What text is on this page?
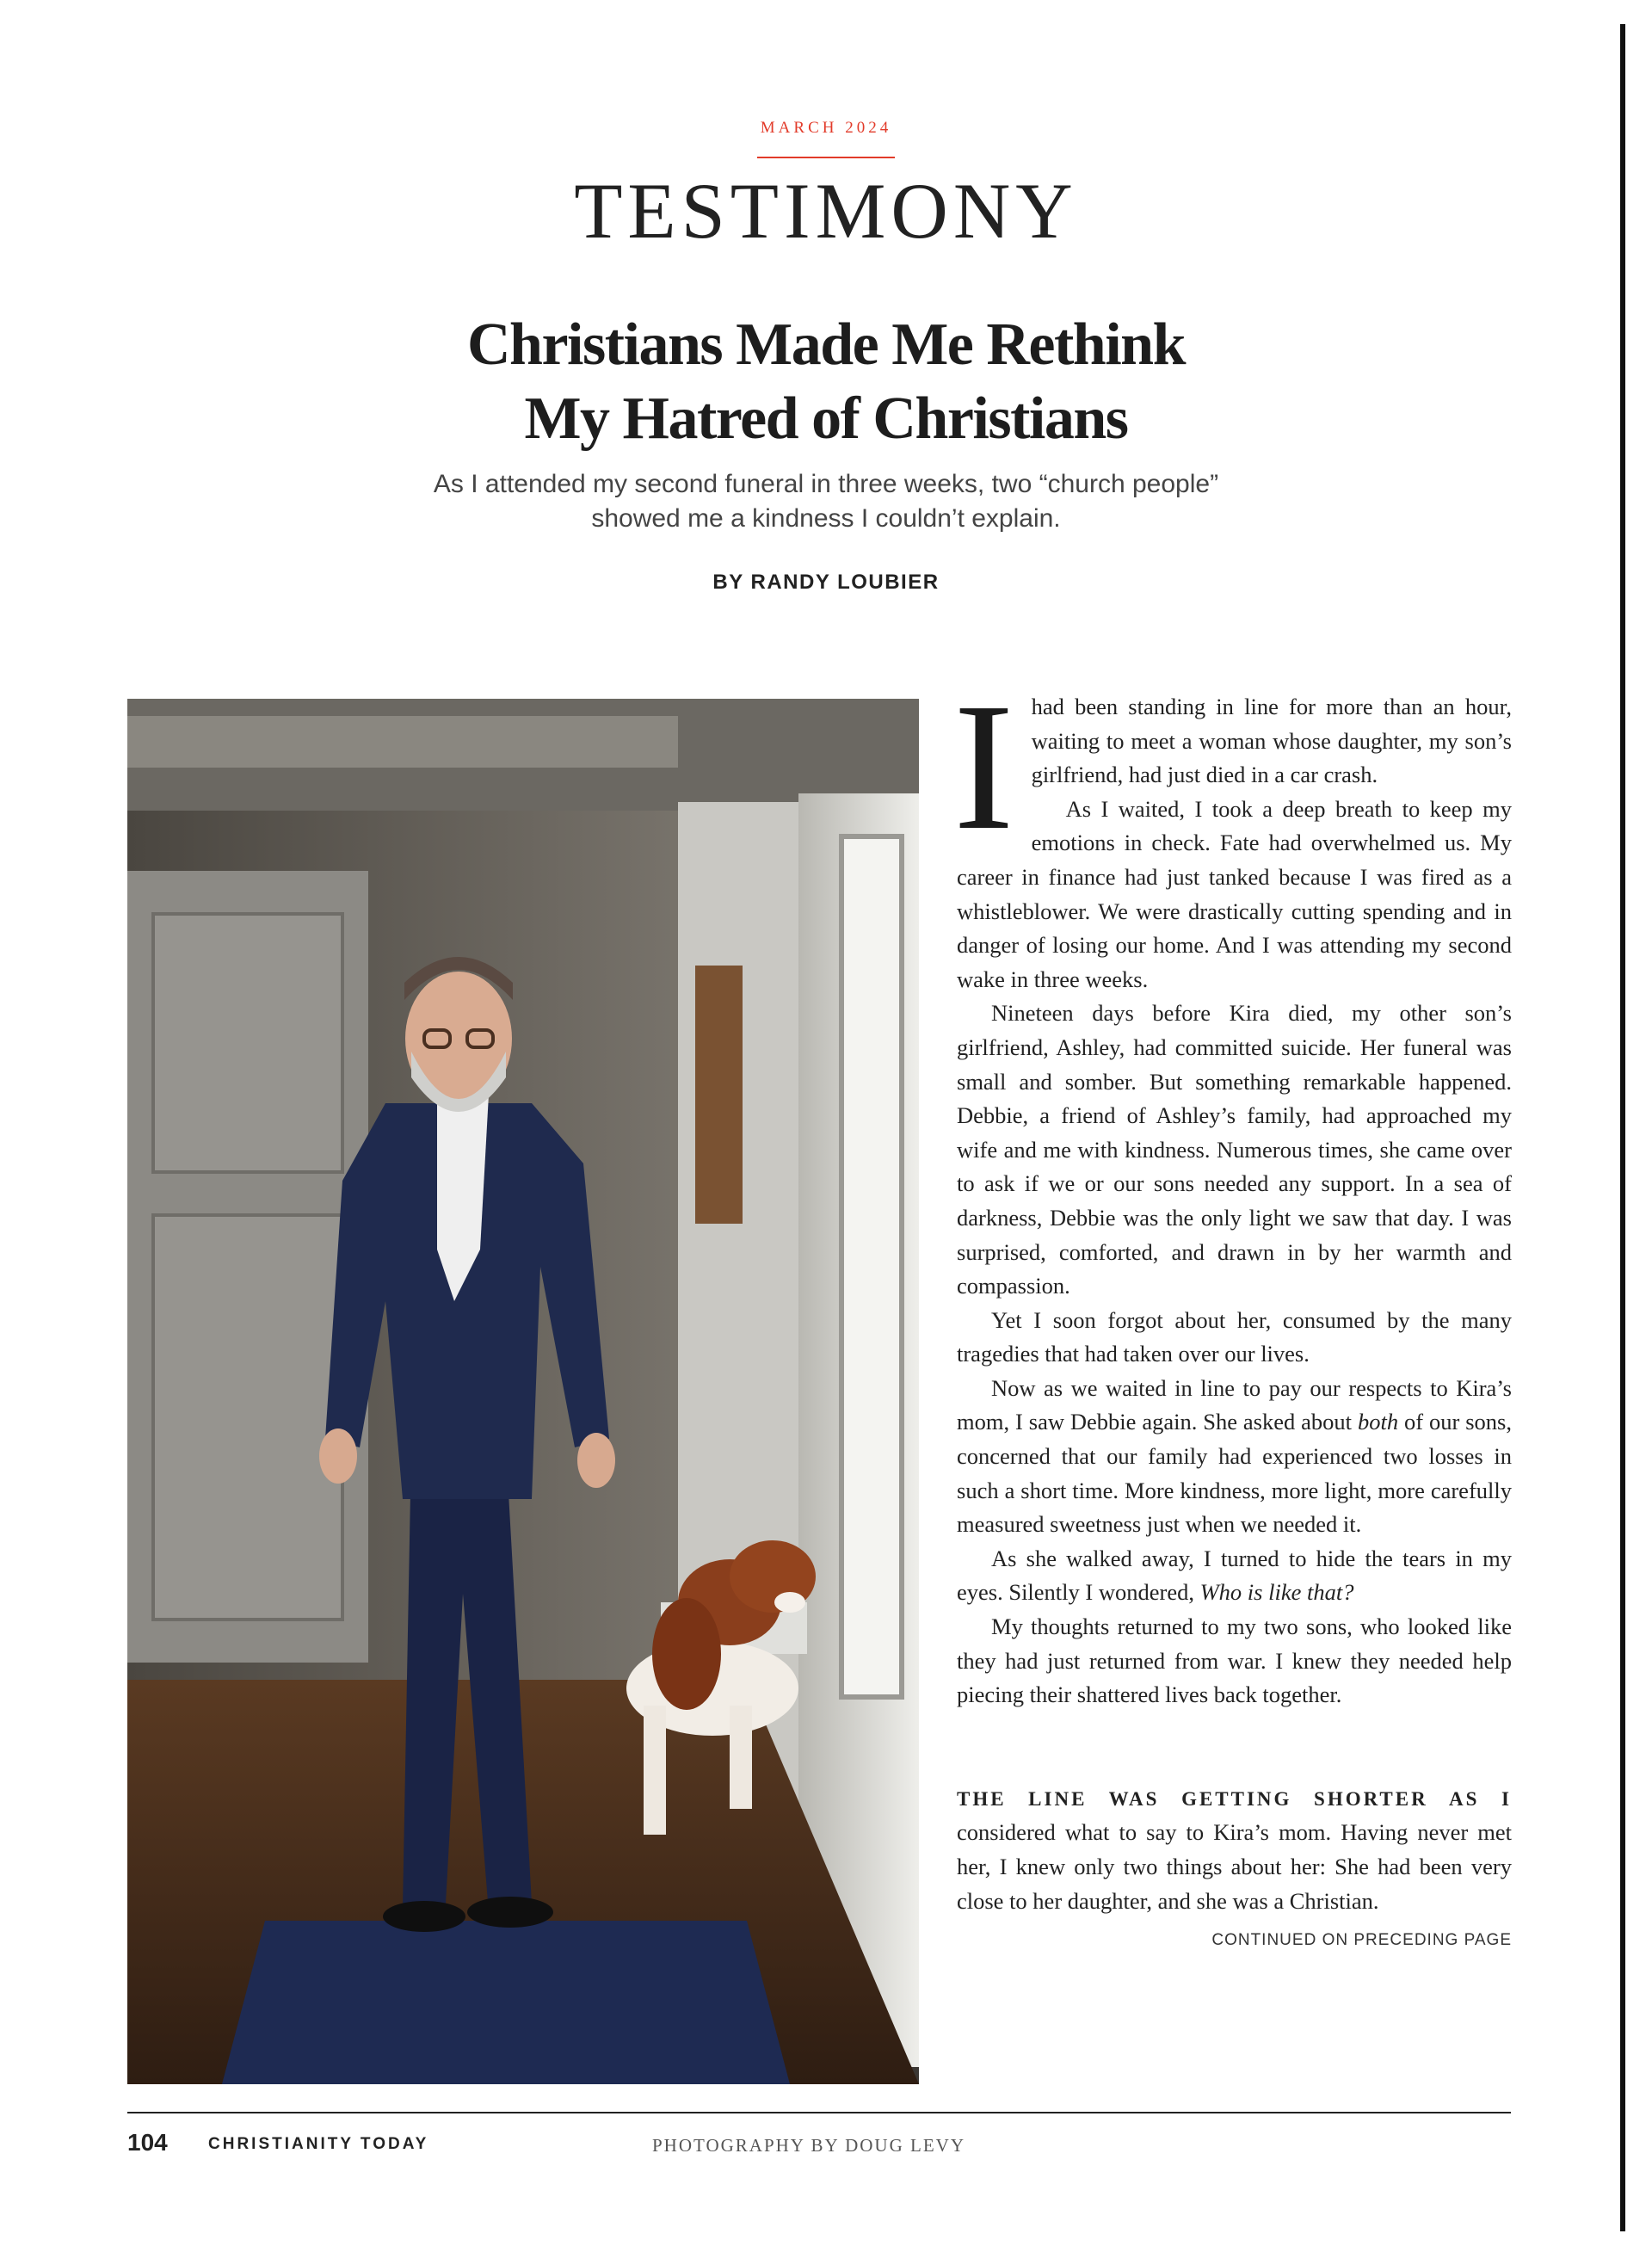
MARCH 2024
TESTIMONY
Christians Made Me Rethink
My Hatred of Christians
As I attended my second funeral in three weeks, two “church people”
showed me a kindness I couldn’t explain.
BY RANDY LOUBIER

Ihad been standing in line for more than an hour, waiting to meet a woman whose daughter, my son’s girlfriend, had just died in a car crash.

As I waited, I took a deep breath to keep my emotions in check. Fate had overwhelmed us. My career in finance had just tanked because I was fired as a whistleblower. We were drastically cutting spending and in danger of losing our home. And I was attending my second wake in three weeks.

Nineteen days before Kira died, my other son’s girlfriend, Ashley, had committed suicide. Her funeral was small and somber. But something remarkable happened. Debbie, a friend of Ashley’s family, had approached my wife and me with kindness. Numerous times, she came over to ask if we or our sons needed any support. In a sea of darkness, Debbie was the only light we saw that day. I was surprised, comforted, and drawn in by her warmth and compassion.

Yet I soon forgot about her, consumed by the many tragedies that had taken over our lives.

Now as we waited in line to pay our respects to Kira’s mom, I saw Debbie again. She asked about both of our sons, concerned that our family had experienced two losses in such a short time. More kindness, more light, more carefully measured sweetness just when we needed it.

As she walked away, I turned to hide the tears in my eyes. Silently I wondered, Who is like that?

My thoughts returned to my two sons, who looked like they had just returned from war. I knew they needed help piecing their shattered lives back together.

THE LINE WAS GETTING SHORTER AS I considered what to say to Kira’s mom. Having never met her, I knew only two things about her: She had been very close to her daughter, and she was a Christian.
CONTINUED ON PRECEDING PAGE

104 CHRISTIANITY TODAY	PHOTOGRAPHY BY DOUG LEVY
